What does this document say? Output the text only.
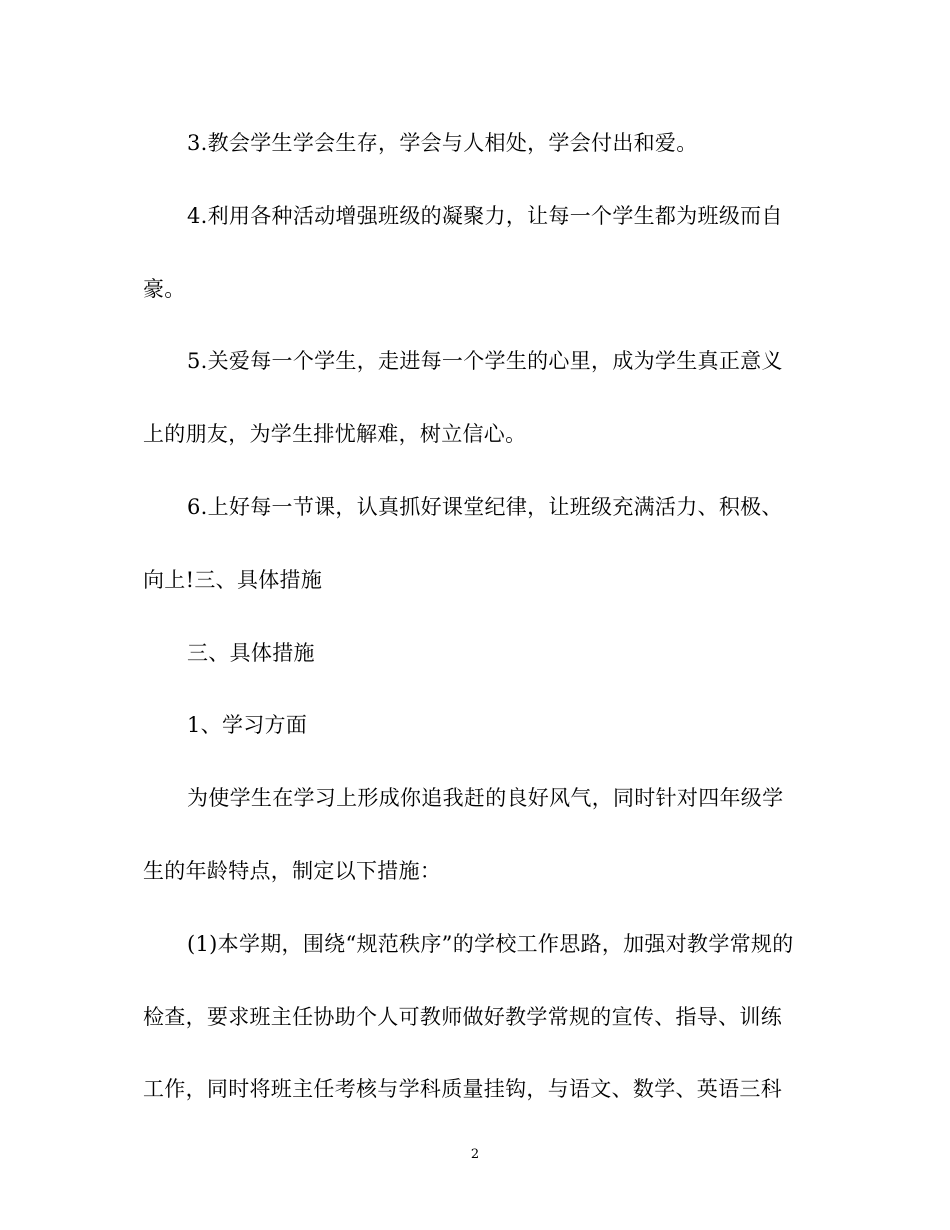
3.教会学生学会生存，学会与人相处，学会付出和爱。
4.利用各种活动增强班级的凝聚力，让每一个学生都为班级而自
豪。
5.关爱每一个学生，走进每一个学生的心里，成为学生真正意义
上的朋友，为学生排忧解难，树立信心。
6.上好每一节课，认真抓好课堂纪律，让班级充满活力、积极、
向上!三、具体措施
三、具体措施
1、学习方面
为使学生在学习上形成你追我赶的良好风气，同时针对四年级学
生的年龄特点，制定以下措施：
(1)本学期，围绕“规范秩序”的学校工作思路，加强对教学常规的
检查，要求班主任协助个人可教师做好教学常规的宣传、指导、训练
工作，同时将班主任考核与学科质量挂钩，与语文、数学、英语三科
2
